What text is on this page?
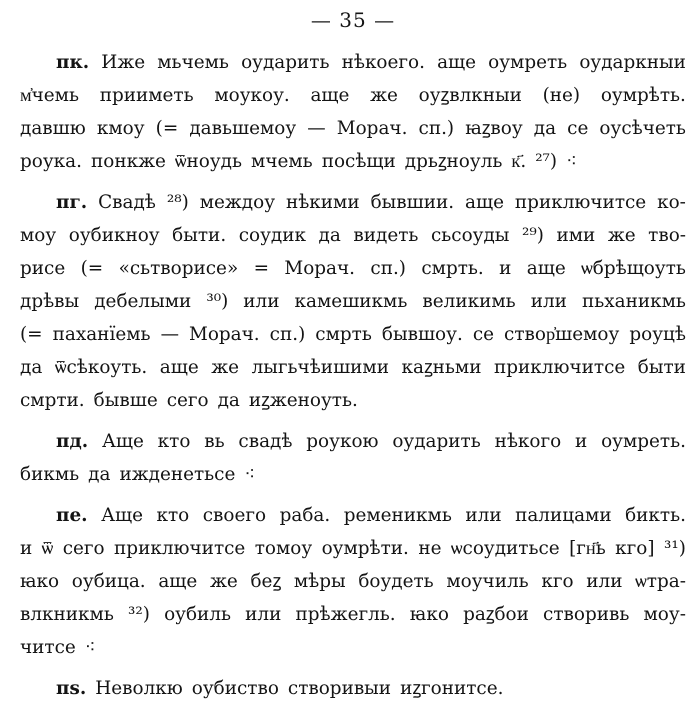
— 35 —
пк. Иже мьчемь оударить нѣкоего. аще оумреть оударкныи
м҆чемь прииметь моукоу. аще же оуꙁвлкныи (не) оумрѣть.
давшю кмоу (= давьшемоу — Морач. сп.) ꙗꙁвоу да се оусѣчеть
роука. понкже ѿноудь мчемь посѣщи дрьꙁноуль к҃. ²⁷) ⁖
пг. Свадѣ ²⁸) междоу нѣкими бывшии. аще приключитсе ко-
моу оубикноу быти. соудик да видеть сьсоуды ²⁹) ими же тво-
рисе (= «сьтворисе» = Морач. сп.) смрть. и аще ѡбрѣщоуть
дрѣвы дебелыми ³⁰) или камешикмь великимь или пьханикмь
(= паханїемь — Морач. сп.) смрть бывшоу. се створ҆шемоу роуцѣ
да ѿсѣкоуть. аще же лыгьчѣишими каꙁньми приключитсе быти
смрти. бывше сего да иꙁженоуть.
пд. Аще кто вь свадѣ роукою оударить нѣкого и оумреть.
бикмь да иждeнетьсе ⁖
пе. Аще кто своего раба. ременикмь или палицами бикть.
и ѿ сего приключитсе томоу оумрѣти. не ѡсоудитьсе [гн҃ь кго] ³¹)
ꙗко оубица. аще же беꙁ мѣры боудеть моучиль кго или ѡтра-
влкникмь ³²) оубиль или прѣжегль. ꙗко раꙁбои створивь моу-
читсе ⁖
пѕ. Неволкю оубиство створивыи иꙁгонитсе.
